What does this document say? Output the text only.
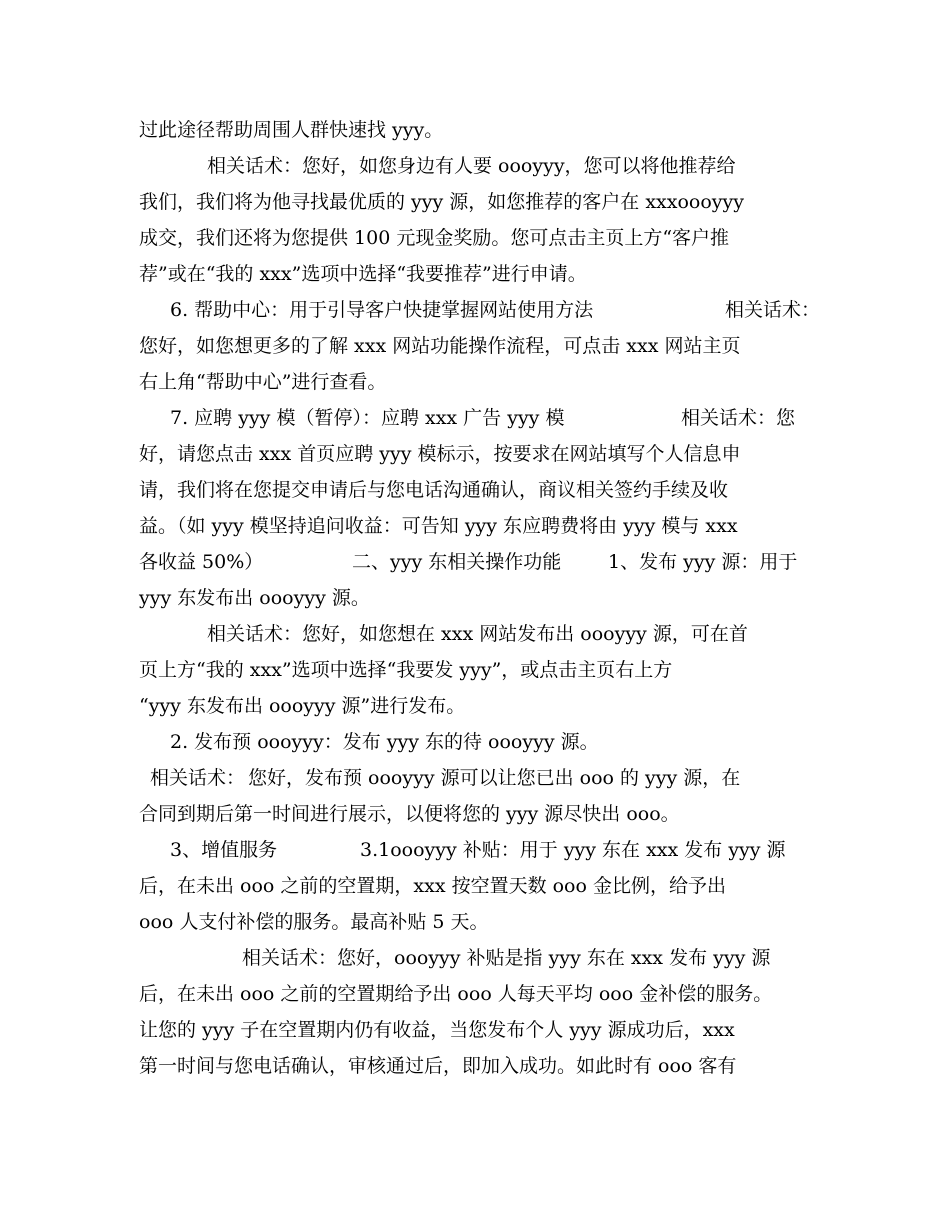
过此途径帮助周围人群快速找 yyy。
相关话术：您好，如您身边有人要 oooyyy，您可以将他推荐给
我们，我们将为他寻找最优质的 yyy 源，如您推荐的客户在 xxxoooyyy
成交，我们还将为您提供 100 元现金奖励。您可点击主页上方“客户推
荐”或在“我的 xxx”选项中选择“我要推荐”进行申请。
6. 帮助中心：用于引导客户快捷掌握网站使用方法	相关话术：
您好，如您想更多的了解 xxx 网站功能操作流程，可点击 xxx 网站主页
右上角“帮助中心”进行查看。
7. 应聘 yyy 模（暂停）：应聘 xxx 广告 yyy 模	相关话术：您
好，请您点击 xxx 首页应聘 yyy 模标示，按要求在网站填写个人信息申
请，我们将在您提交申请后与您电话沟通确认，商议相关签约手续及收
益。（如 yyy 模坚持追问收益：可告知 yyy 东应聘费将由 yyy 模与 xxx
各收益 50%）	二、yyy 东相关操作功能 1、发布 yyy 源：用于
yyy 东发布出 oooyyy 源。
相关话术：您好，如您想在 xxx 网站发布出 oooyyy 源，可在首
页上方“我的 xxx”选项中选择“我要发 yyy”，或点击主页右上方
“yyy 东发布出 oooyyy 源”进行发布。
2. 发布预 oooyyy：发布 yyy 东的待 oooyyy 源。
相关话术： 您好，发布预 oooyyy 源可以让您已出 ooo 的 yyy 源，在
合同到期后第一时间进行展示，以便将您的 yyy 源尽快出 ooo。
3、增值服务	3.1oooyyy 补贴：用于 yyy 东在 xxx 发布 yyy 源
后，在未出 ooo 之前的空置期，xxx 按空置天数 ooo 金比例，给予出
ooo 人支付补偿的服务。最高补贴 5 天。
相关话术：您好，oooyyy 补贴是指 yyy 东在 xxx 发布 yyy 源
后，在未出 ooo 之前的空置期给予出 ooo 人每天平均 ooo 金补偿的服务。
让您的 yyy 子在空置期内仍有收益，当您发布个人 yyy 源成功后，xxx
第一时间与您电话确认，审核通过后，即加入成功。如此时有 ooo 客有
